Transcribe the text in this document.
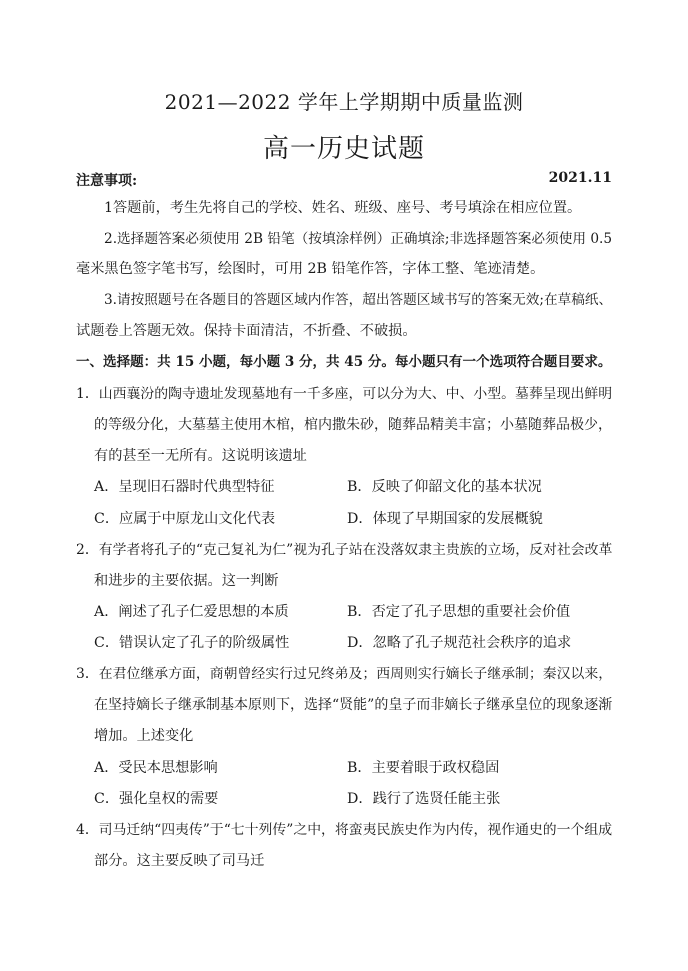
2021—2022 学年上学期期中质量监测
高一历史试题
注意事项:	2021.11
1答题前，考生先将自己的学校、姓名、班级、座号、考号填涂在相应位置。
2.选择题答案必须使用 2B 铅笔（按填涂样例）正确填涂;非选择题答案必须使用 0.5
毫米黑色签字笔书写，绘图时，可用 2B 铅笔作答，字体工整、笔迹清楚。
3.请按照题号在各题目的答题区域内作答，超出答题区域书写的答案无效;在草稿纸、
试题卷上答题无效。保持卡面清洁，不折叠、不破损。
一、选择题：共 15 小题，每小题 3 分，共 45 分。每小题只有一个选项符合题目要求。
1．山西襄汾的陶寺遗址发现墓地有一千多座，可以分为大、中、小型。墓葬呈现出鲜明
的等级分化，大墓墓主使用木棺，棺内撒朱砂，随葬品精美丰富；小墓随葬品极少，
有的甚至一无所有。这说明该遗址
A．呈现旧石器时代典型特征	B．反映了仰韶文化的基本状况
C．应属于中原龙山文化代表	D．体现了早期国家的发展概貌
2．有学者将孔子的“克己复礼为仁”视为孔子站在没落奴隶主贵族的立场，反对社会改革
和进步的主要依据。这一判断
A．阐述了孔子仁爱思想的本质	B．否定了孔子思想的重要社会价值
C．错误认定了孔子的阶级属性	D．忽略了孔子规范社会秩序的追求
3．在君位继承方面，商朝曾经实行过兄终弟及；西周则实行嫡长子继承制；秦汉以来，
在坚持嫡长子继承制基本原则下，选择“贤能”的皇子而非嫡长子继承皇位的现象逐渐
增加。上述变化
A．受民本思想影响	B．主要着眼于政权稳固
C．强化皇权的需要	D．践行了选贤任能主张
4．司马迁纳“四夷传”于“七十列传”之中，将蛮夷民族史作为内传，视作通史的一个组成
部分。这主要反映了司马迁
